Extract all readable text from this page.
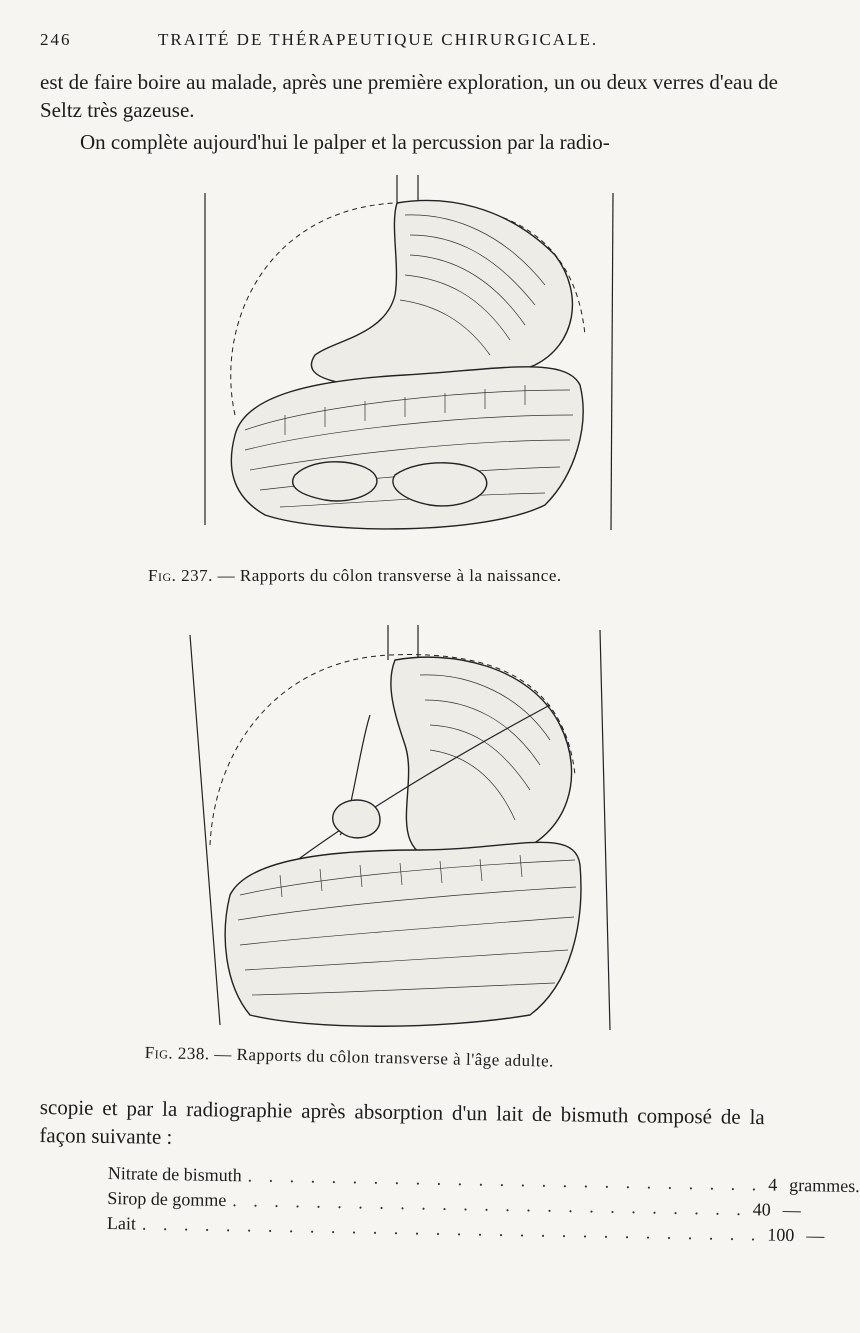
246	TRAITÉ DE THÉRAPEUTIQUE CHIRURGICALE.

est de faire boire au malade, après une première exploration, un ou deux verres d'eau de Seltz très gazeuse.

On complète aujourd'hui le palper et la percussion par la radio-

Fig. 237. — Rapports du côlon transverse à la naissance.
Fig. 238. — Rapports du côlon transverse à l'âge adulte.

scopie et par la radiographie après absorption d'un lait de bismuth composé de la façon suivante :

Nitrate de bismuth . . . . . . . . . . . . . . . . . . . . . . . . . 4 grammes.
Sirop de gomme . . . . . . . . . . . . . . . . . . . . . . . . . 40 —
Lait . . . . . . . . . . . . . . . . . . . . . . . . . . . . . . 100 —
